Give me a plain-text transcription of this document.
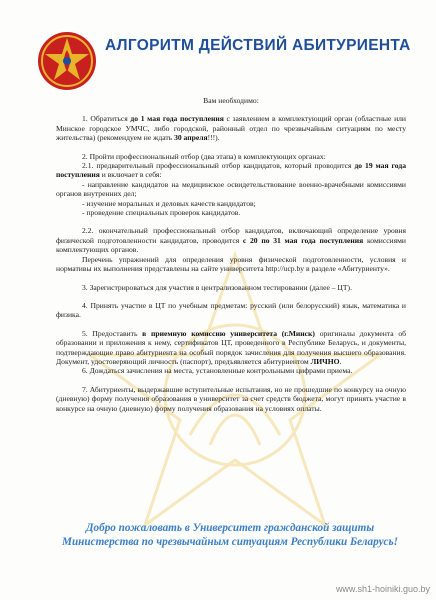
АЛГОРИТМ ДЕЙСТВИЙ АБИТУРИЕНТА

Вам необходимо:

1. Обратиться до 1 мая года поступления с заявлением в комплектующий орган (областные или Минское городское УМЧС, либо городской, районный отдел по чрезвычайным ситуациям по месту жительства) (рекомендуем не ждать 30 апреля!!!).

2. Пройти профессиональный отбор (два этапа) в комплектующих органах:

2.1. предварительный профессиональный отбор кандидатов, который проводится до 19 мая года поступления и включает в себя:

- направление кандидатов на медицинское освидетельствование военно-врачебными комиссиями органов внутренних дел;

- изучение моральных и деловых качеств кандидатов;

- проведение специальных проверок кандидатов.

2.2. окончательный профессиональный отбор кандидатов, включающий определение уровня физической подготовленности кандидатов, проводится с 20 по 31 мая года поступления комиссиями комплектующих органов.

Перечень упражнений для определения уровня физической подготовленности, условия и нормативы их выполнения представлены на сайте университета http://ucp.by в разделе «Абитуриенту».

3. Зарегистрироваться для участия в централизованном тестировании (далее – ЦТ).

4. Принять участие в ЦТ по учебным предметам: русский (или белорусский) язык, математика и физика.

5. Предоставить в приемную комиссию университета (г.Минск) оригиналы документа об образовании и приложения к нему, сертификатов ЦТ, проведенного в Республике Беларусь, и документы, подтверждающие право абитуриента на особый порядок зачисления для получения высшего образования. Документ, удостоверяющий личность (паспорт), предъявляется абитуриентом ЛИЧНО.

6. Дождаться зачисления на места, установленные контрольными цифрами приема.

7. Абитуриенты, выдержавшие вступительные испытания, но не прошедшие по конкурсу на очную (дневную) форму получения образования в университет за счет средств бюджета, могут принять участие в конкурсе на очную (дневную) форму получения образования на условиях оплаты.

Добро пожаловать в Университет гражданской защиты
Министерства по чрезвычайным ситуациям Республики Беларусь!
www.sh1-hoiniki.guo.by
